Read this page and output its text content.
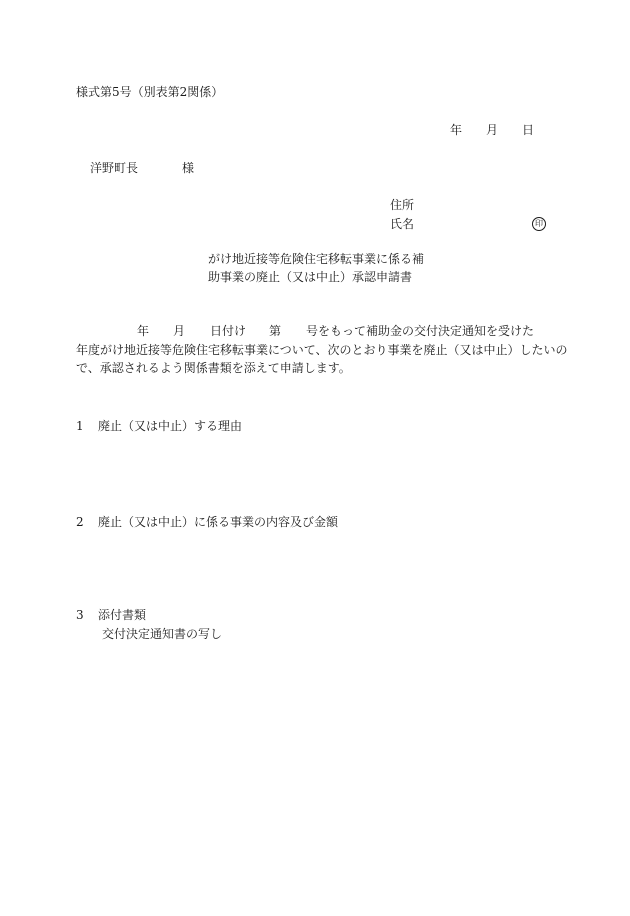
様式第5号（別表第2関係）
年 月 日
洋野町長	様
住所
氏名	印
がけ地近接等危険住宅移転事業に係る補
助事業の廃止（又は中止）承認申請書
年 月 日付け 第 号をもって補助金の交付決定通知を受けた
年度がけ地近接等危険住宅移転事業について、次のとおり事業を廃止（又は中止）したいの
で、承認されるよう関係書類を添えて申請します。
1 廃止（又は中止）する理由
2 廃止（又は中止）に係る事業の内容及び金額
3 添付書類
交付決定通知書の写し
